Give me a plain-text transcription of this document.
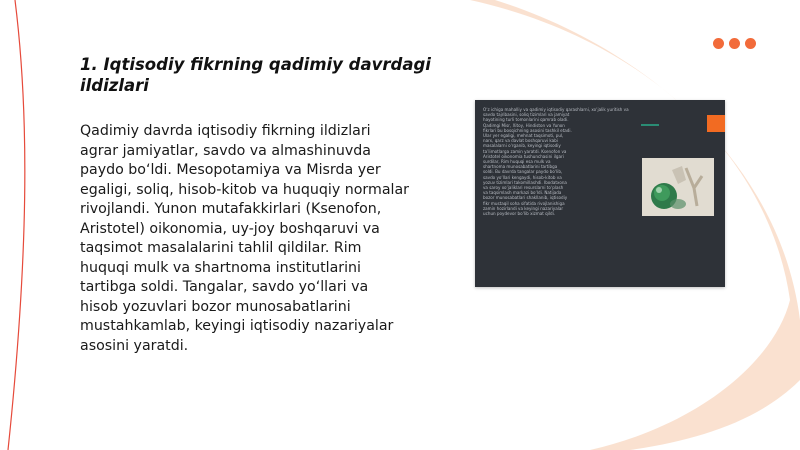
1. Iqtisodiy fikrning qadimiy davrdagi ildizlari

Qadimiy davrda iqtisodiy fikrning ildizlari agrar jamiyatlar, savdo va almashinuvda paydo bo‘ldi. Mesopotamiya va Misrda yer egaligi, soliq, hisob-kitob va huquqiy normalar rivojlandi. Yunon mutafakkirlari (Ksenofon, Aristotel) oikonomia, uy-joy boshqaruvi va taqsimot masalalarini tahlil qildilar. Rim huquqi mulk va shartnoma institutlarini tartibga soldi. Tangalar, savdo yo‘llari va hisob yozuvlari bozor munosabatlarini mustahkamlab, keyingi iqtisodiy nazariyalar asosini yaratdi.

O‘z ichiga mahalliy va qadimiy iqtisodiy qarashlarni, xo‘jalik yuritish va
savdo tajribasini, soliq tizimlari va jamiyat
hayotining turli tomonlarini qamrab oladi.
Qadimgi Misr, Xitoy, Hindiston va Yunon
fikrlari bu bosqichning asosini tashkil etadi.
Ular yer egaligi, mehnat taqsimoti, pul,
narx, qarz va davlat boshqaruvi kabi
masalalarni o‘rganib, keyingi iqtisodiy
ta’limotlarga zamin yaratdi. Ksenofon va
Aristotel oikonomia tushunchasini ilgari
surdilar, Rim huquqi esa mulk va
shartnoma munosabatlarini tartibga
soldi. Bu davrda tangalar paydo bo‘lib,
savdo yo‘llari kengaydi, hisob-kitob va
yozuv tizimlari takomillashdi. Ibodatxona
va saroy xo‘jaliklari resurslarni to‘plash
va taqsimlash markazi bo‘ldi. Natijada
bozor munosabatlari shakllanib, iqtisodiy
fikr mustaqil soha sifatida rivojlanishiga
zamin hozirlandi va keyingi nazariyalar
uchun poydevor bo‘lib xizmat qildi.
